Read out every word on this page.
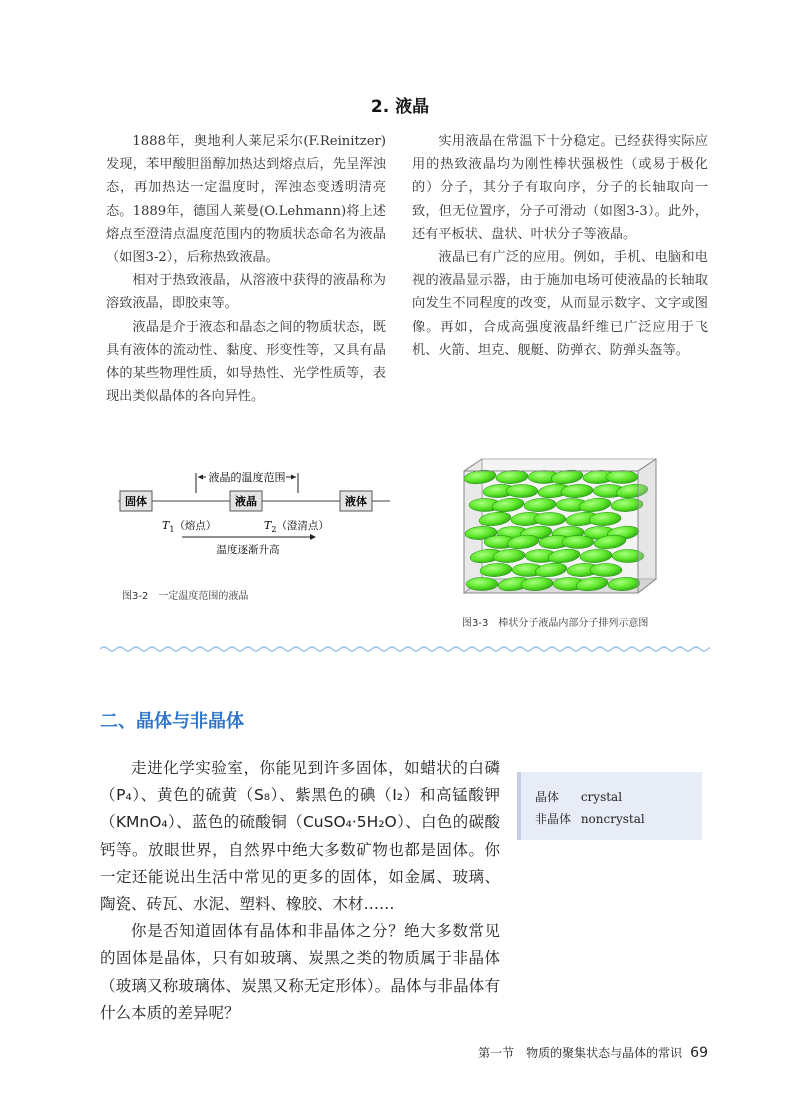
2. 液晶

1888年，奥地利人莱尼采尔(F.Reinitzer)发现，苯甲酸胆甾醇加热达到熔点后，先呈浑浊态，再加热达一定温度时，浑浊态变透明清亮态。1889年，德国人莱曼(O.Lehmann)将上述熔点至澄清点温度范围内的物质状态命名为液晶（如图3-2），后称热致液晶。

相对于热致液晶，从溶液中获得的液晶称为溶致液晶，即胶束等。

液晶是介于液态和晶态之间的物质状态，既具有液体的流动性、黏度、形变性等，又具有晶体的某些物理性质，如导热性、光学性质等，表现出类似晶体的各向异性。

实用液晶在常温下十分稳定。已经获得实际应用的热致液晶均为刚性棒状强极性（或易于极化的）分子，其分子有取向序，分子的长轴取向一致，但无位置序，分子可滑动（如图3-3）。此外，还有平板状、盘状、叶状分子等液晶。

液晶已有广泛的应用。例如，手机、电脑和电视的液晶显示器，由于施加电场可使液晶的长轴取向发生不同程度的改变，从而显示数字、文字或图像。再如，合成高强度液晶纤维已广泛应用于飞机、火箭、坦克、舰艇、防弹衣、防弹头盔等。

液晶的温度范围
固体	液晶	液体
$T_1$（熔点）	$T_2$（澄清点）
温度逐渐升高
图3-2　一定温度范围的液晶
图3-3　棒状分子液晶内部分子排列示意图
二、晶体与非晶体

走进化学实验室，你能见到许多固体，如蜡状的白磷（P₄）、黄色的硫黄（S₈）、紫黑色的碘（I₂）和高锰酸钾（KMnO₄）、蓝色的硫酸铜（CuSO₄·5H₂O）、白色的碳酸钙等。放眼世界，自然界中绝大多数矿物也都是固体。你一定还能说出生活中常见的更多的固体，如金属、玻璃、陶瓷、砖瓦、水泥、塑料、橡胶、木材……

你是否知道固体有晶体和非晶体之分？绝大多数常见的固体是晶体，只有如玻璃、炭黑之类的物质属于非晶体（玻璃又称玻璃体、炭黑又称无定形体）。晶体与非晶体有什么本质的差异呢？

晶体 crystal
非晶体 noncrystal
第一节　物质的聚集状态与晶体的常识 69
